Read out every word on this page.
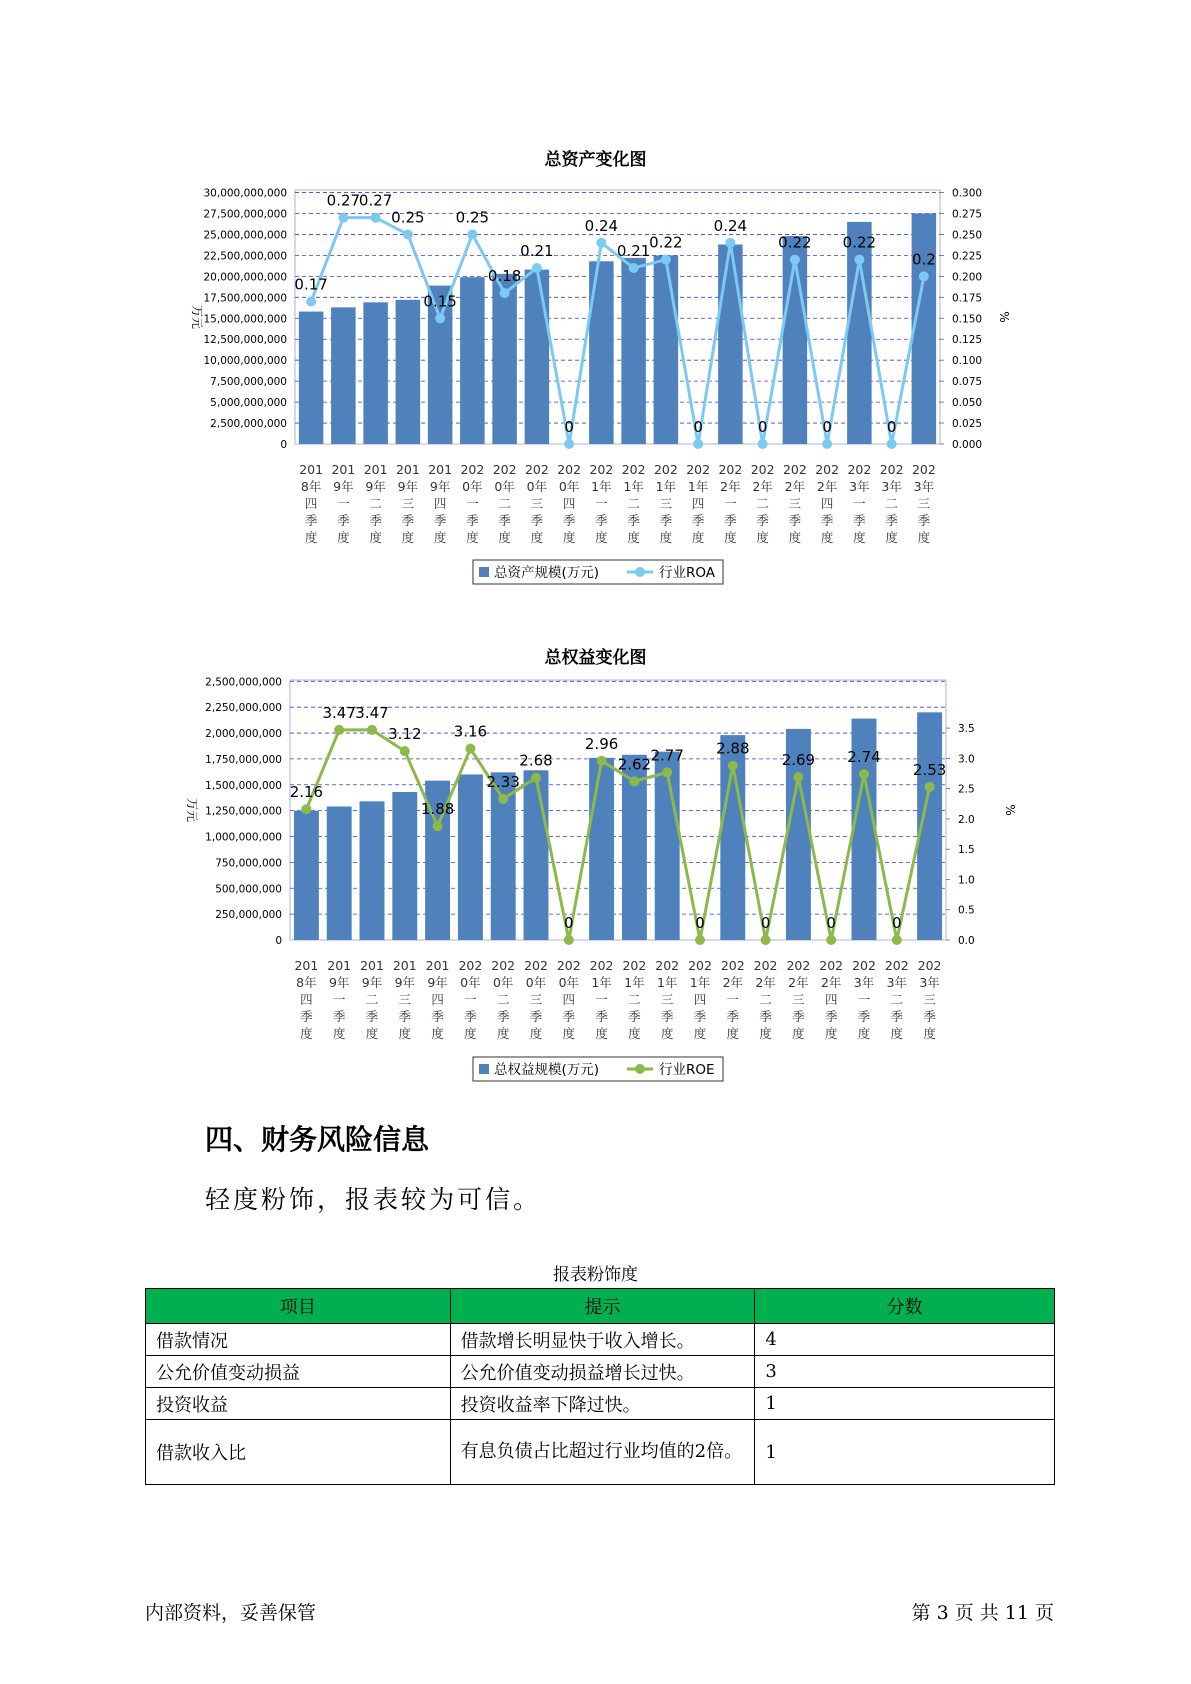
总资产变化图
0
2,500,000,000
5,000,000,000
7,500,000,000
10,000,000,000
12,500,000,000
15,000,000,000
17,500,000,000
20,000,000,000
22,500,000,000
25,000,000,000
27,500,000,000
30,000,000,000
0.000
0.025
0.050
0.075
0.100
0.125
0.150
0.175
0.200
0.225
0.250
0.275
0.300
万元	%
0.17
0.27
0.27
0.25
0.15
0.25
0.18
0.21
0
0.24
0.21
0.22
0
0.24
0
0.22
0
0.22
0
0.2
201 8年四季度
201 9年一季度
201 9年二季度
201 9年三季度
201 9年四季度
202 0年一季度
202 0年二季度
202 0年三季度
202 0年四季度
202 1年一季度
202 1年二季度
202 1年三季度
202 1年四季度
202 2年一季度
202 2年二季度
202 2年三季度
202 2年四季度
202 3年一季度
202 3年二季度
202 3年三季度
总资产规模(万元)	行业ROA
总权益变化图
0
250,000,000
500,000,000
750,000,000
1,000,000,000
1,250,000,000
1,500,000,000
1,750,000,000
2,000,000,000
2,250,000,000
2,500,000,000
0.0
0.5
1.0
1.5
2.0
2.5
3.0
3.5
万元	%
2.16
3.47 3.47
3.12
1.88
3.16
2.33
2.68
0
2.96
2.62
2.77
0
2.88
0
2.69
0
2.74
0
2.53
201 8年四季度
201 9年一季度
201 9年二季度
201 9年三季度
201 9年四季度
202 0年一季度
202 0年二季度
202 0年三季度
202 0年四季度
202 1年一季度
202 1年二季度
202 1年三季度
202 1年四季度
202 2年一季度
202 2年二季度
202 2年三季度
202 2年四季度
202 3年一季度
202 3年二季度
202 3年三季度
总权益规模(万元)	行业ROE
四、财务风险信息
轻度粉饰，报表较为可信。
报表粉饰度
项目	提示	分数
借款情况	借款增长明显快于收入增长。	4
公允价值变动损益	公允价值变动损益增长过快。	3
投资收益	投资收益率下降过快。	1
借款收入比	有息负债占比超过行业均值的2倍。	1
内部资料，妥善保管	第 3 页 共 11 页
